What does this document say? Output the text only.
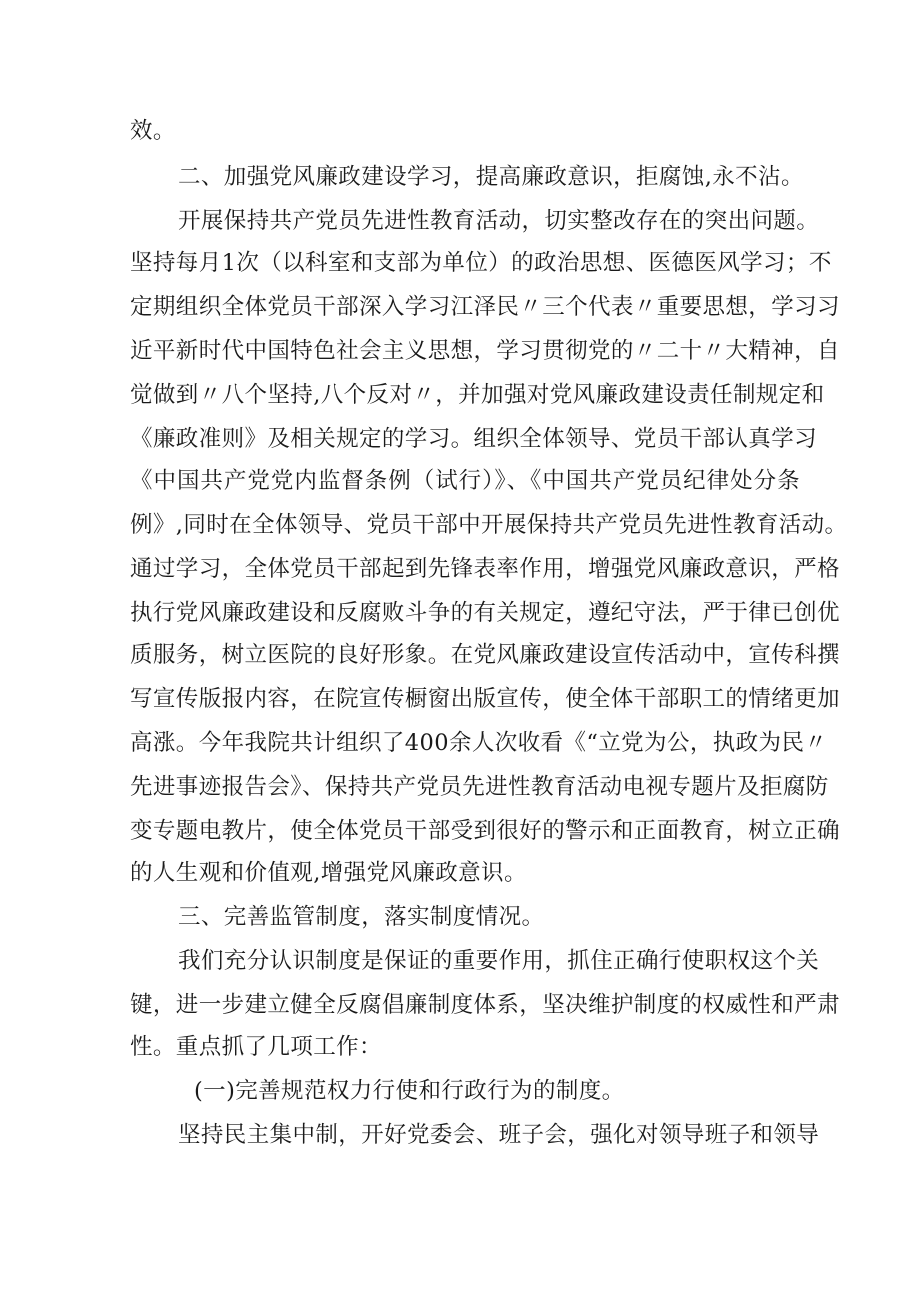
效。
二、加强党风廉政建设学习，提高廉政意识，拒腐蚀,永不沾。
开展保持共产党员先进性教育活动，切实整改存在的突出问题。
坚持每月1次（以科室和支部为单位）的政治思想、医德医风学习；不
定期组织全体党员干部深入学习江泽民〃三个代表〃重要思想，学习习
近平新时代中国特色社会主义思想，学习贯彻党的〃二十〃大精神，自
觉做到〃八个坚持,八个反对〃，并加强对党风廉政建设责任制规定和
《廉政准则》及相关规定的学习。组织全体领导、党员干部认真学习
《中国共产党党内监督条例（试行）》、《中国共产党员纪律处分条
例》,同时在全体领导、党员干部中开展保持共产党员先进性教育活动。
通过学习，全体党员干部起到先锋表率作用，增强党风廉政意识，严格
执行党风廉政建设和反腐败斗争的有关规定，遵纪守法，严于律已创优
质服务，树立医院的良好形象。在党风廉政建设宣传活动中，宣传科撰
写宣传版报内容，在院宣传橱窗出版宣传，使全体干部职工的情绪更加
高涨。今年我院共计组织了400余人次收看《“立党为公，执政为民〃
先进事迹报告会》、保持共产党员先进性教育活动电视专题片及拒腐防
变专题电教片，使全体党员干部受到很好的警示和正面教育，树立正确
的人生观和价值观,增强党风廉政意识。
三、完善监管制度，落实制度情况。
我们充分认识制度是保证的重要作用，抓住正确行使职权这个关
键，进一步建立健全反腐倡廉制度体系，坚决维护制度的权威性和严肃
性。重点抓了几项工作：
(一)完善规范权力行使和行政行为的制度。
坚持民主集中制，开好党委会、班子会，强化对领导班子和领导
